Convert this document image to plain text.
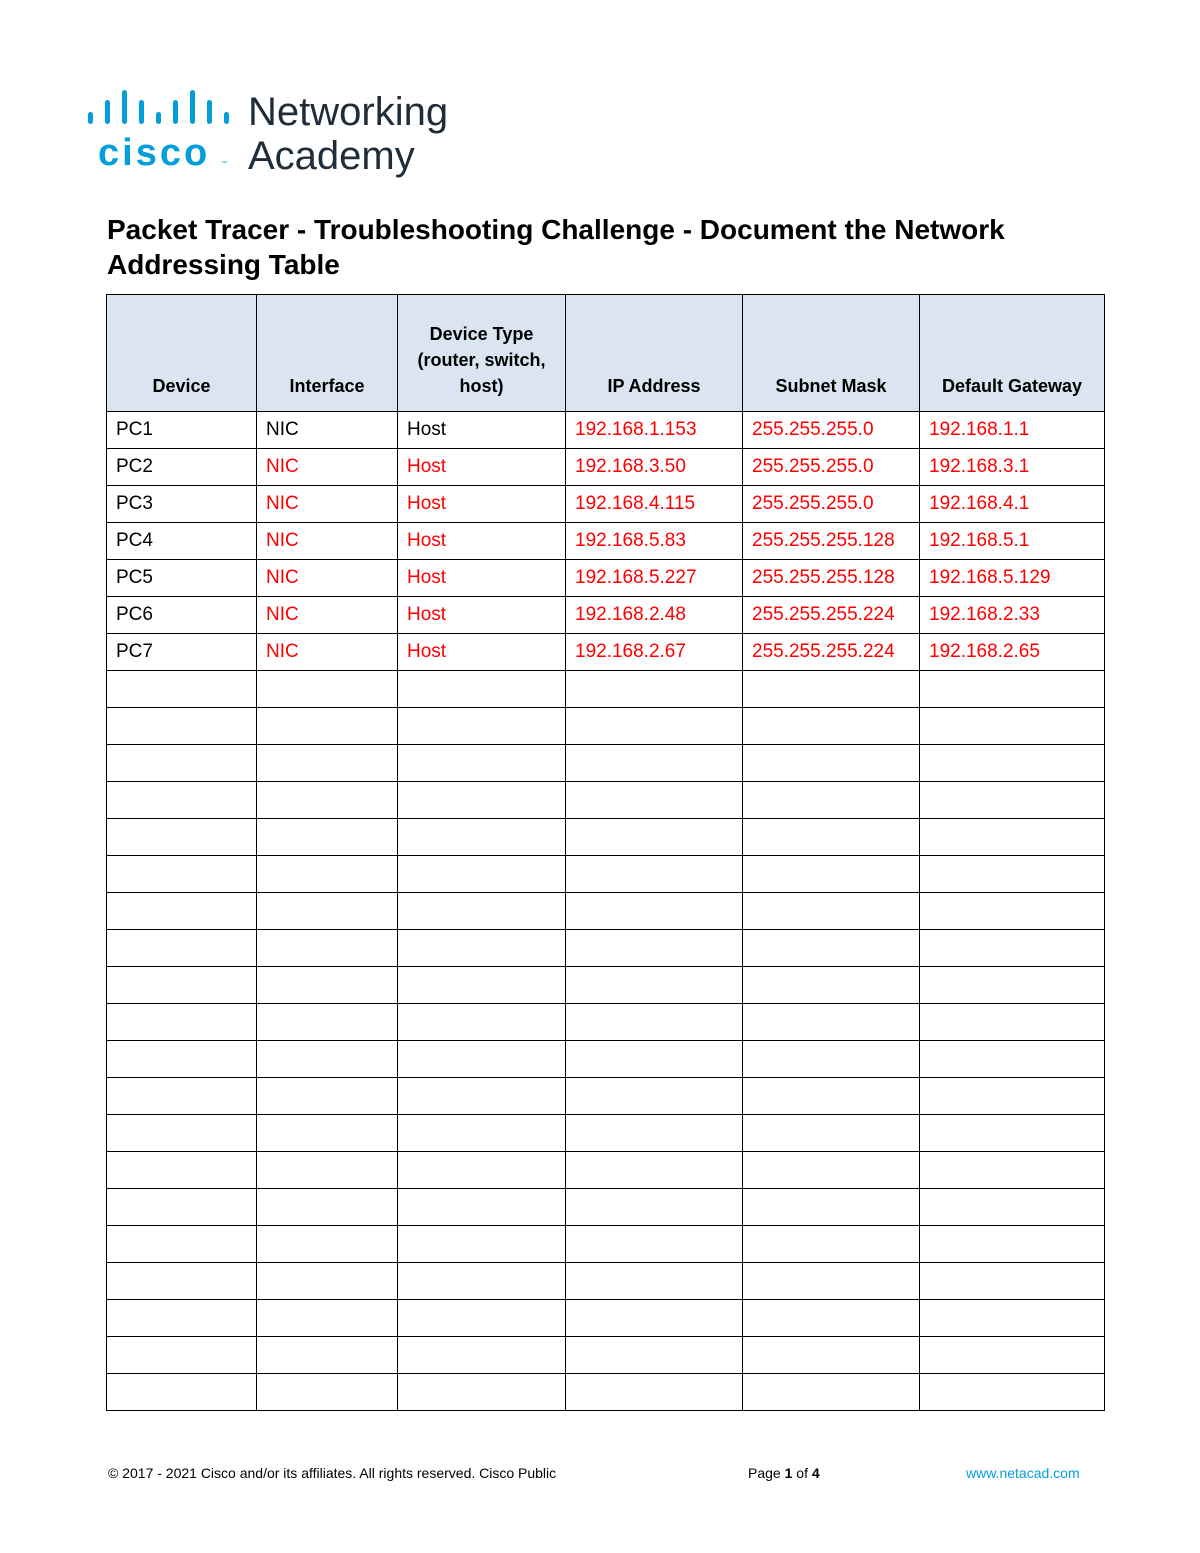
cisco ™
Networking
Academy
Packet Tracer - Troubleshooting Challenge - Document the Network Addressing Table
Device	Interface	Device Type (router, switch, host)	IP Address	Subnet Mask	Default Gateway
PC1	NIC	Host	192.168.1.153	255.255.255.0	192.168.1.1
PC2	NIC	Host	192.168.3.50	255.255.255.0	192.168.3.1
PC3	NIC	Host	192.168.4.115	255.255.255.0	192.168.4.1
PC4	NIC	Host	192.168.5.83	255.255.255.128	192.168.5.1
PC5	NIC	Host	192.168.5.227	255.255.255.128	192.168.5.129
PC6	NIC	Host	192.168.2.48	255.255.255.224	192.168.2.33
PC7	NIC	Host	192.168.2.67	255.255.255.224	192.168.2.65

© 2017 - 2021 Cisco and/or its affiliates. All rights reserved. Cisco Public	Page 1 of 4	www.netacad.com
